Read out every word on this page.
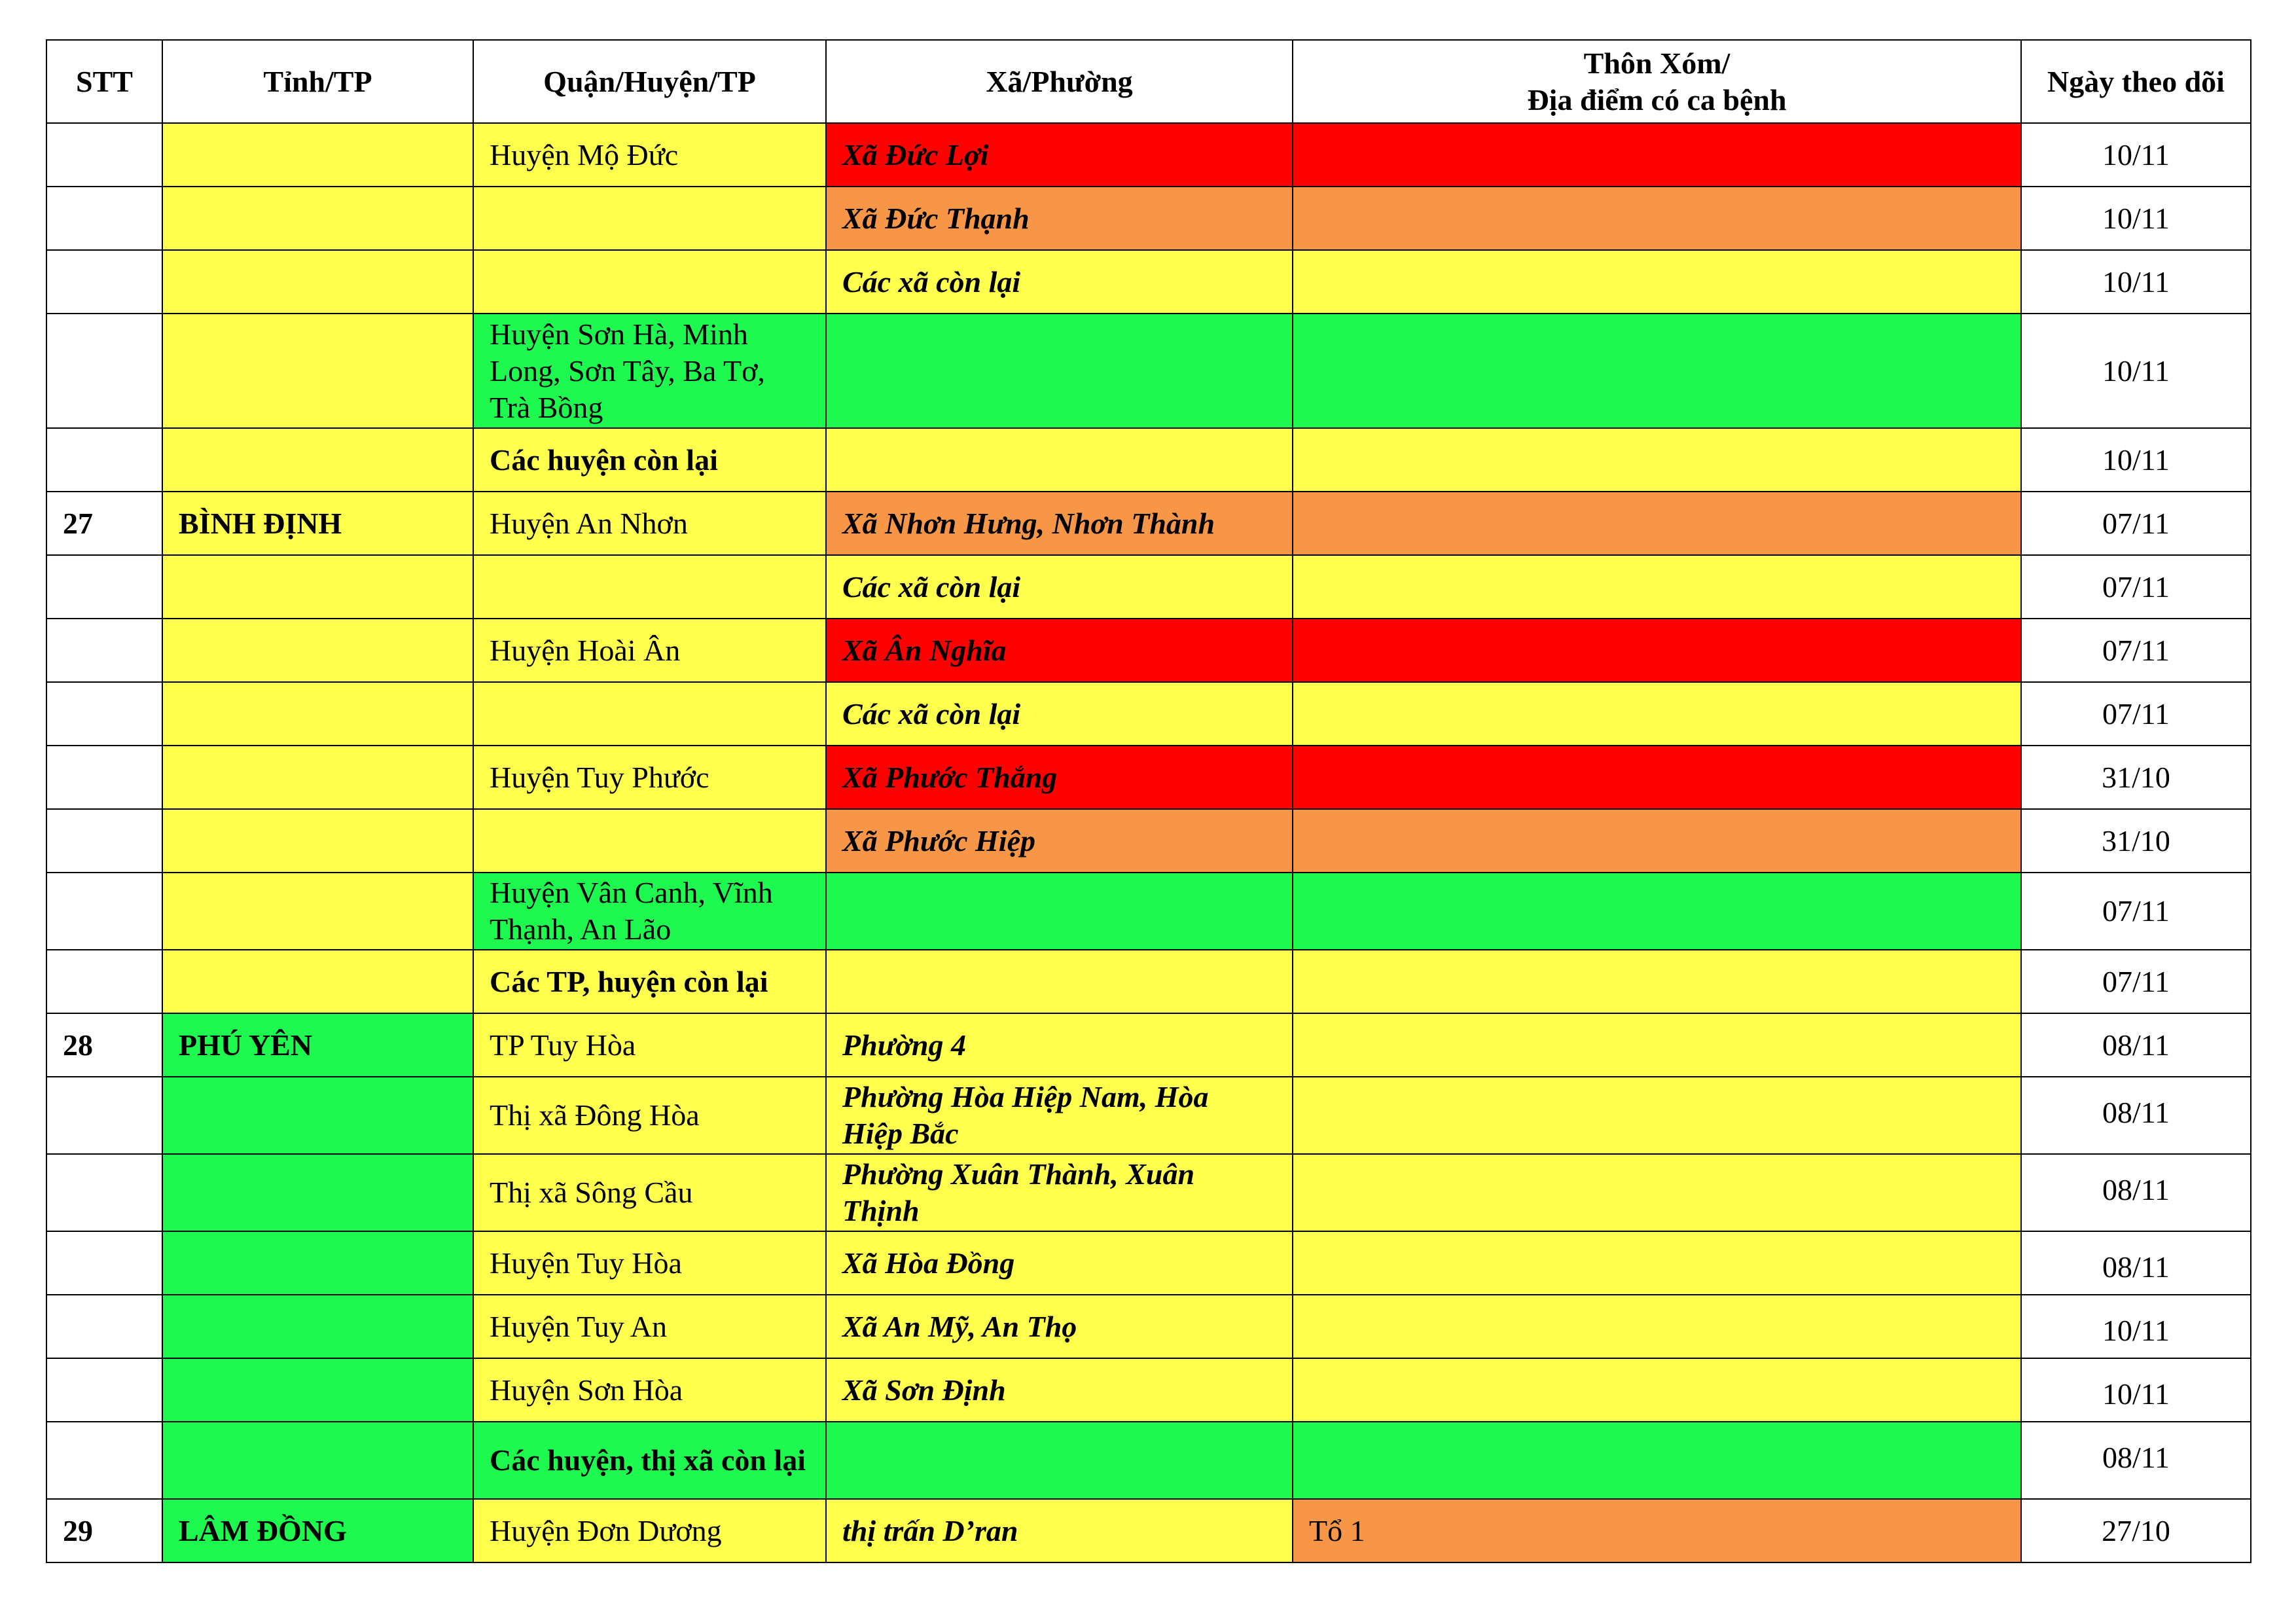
STT	Tỉnh/TP	Quận/Huyện/TP	Xã/Phường	Thôn Xóm/
Địa điểm có ca bệnh	Ngày theo dõi
		Huyện Mộ Đức	Xã Đức Lợi		10/11
			Xã Đức Thạnh		10/11
			Các xã còn lại		10/11
		Huyện Sơn Hà, Minh Long, Sơn Tây, Ba Tơ, Trà Bồng			10/11
		Các huyện còn lại			10/11
27	BÌNH ĐỊNH	Huyện An Nhơn	Xã Nhơn Hưng, Nhơn Thành		07/11
			Các xã còn lại		07/11
		Huyện Hoài Ân	Xã Ân Nghĩa		07/11
			Các xã còn lại		07/11
		Huyện Tuy Phước	Xã Phước Thắng		31/10
			Xã Phước Hiệp		31/10
		Huyện Vân Canh, Vĩnh Thạnh, An Lão			07/11
		Các TP, huyện còn lại			07/11
28	PHÚ YÊN	TP Tuy Hòa	Phường 4		08/11
		Thị xã Đông Hòa	Phường Hòa Hiệp Nam, Hòa Hiệp Bắc		08/11
		Thị xã Sông Cầu	Phường Xuân Thành, Xuân Thịnh		08/11
		Huyện Tuy Hòa	Xã Hòa Đồng		08/11
		Huyện Tuy An	Xã An Mỹ, An Thọ		10/11
		Huyện Sơn Hòa	Xã Sơn Định		10/11
		Các huyện, thị xã còn lại			08/11
29	LÂM ĐỒNG	Huyện Đơn Dương	thị trấn D’ran	Tổ 1	27/10
